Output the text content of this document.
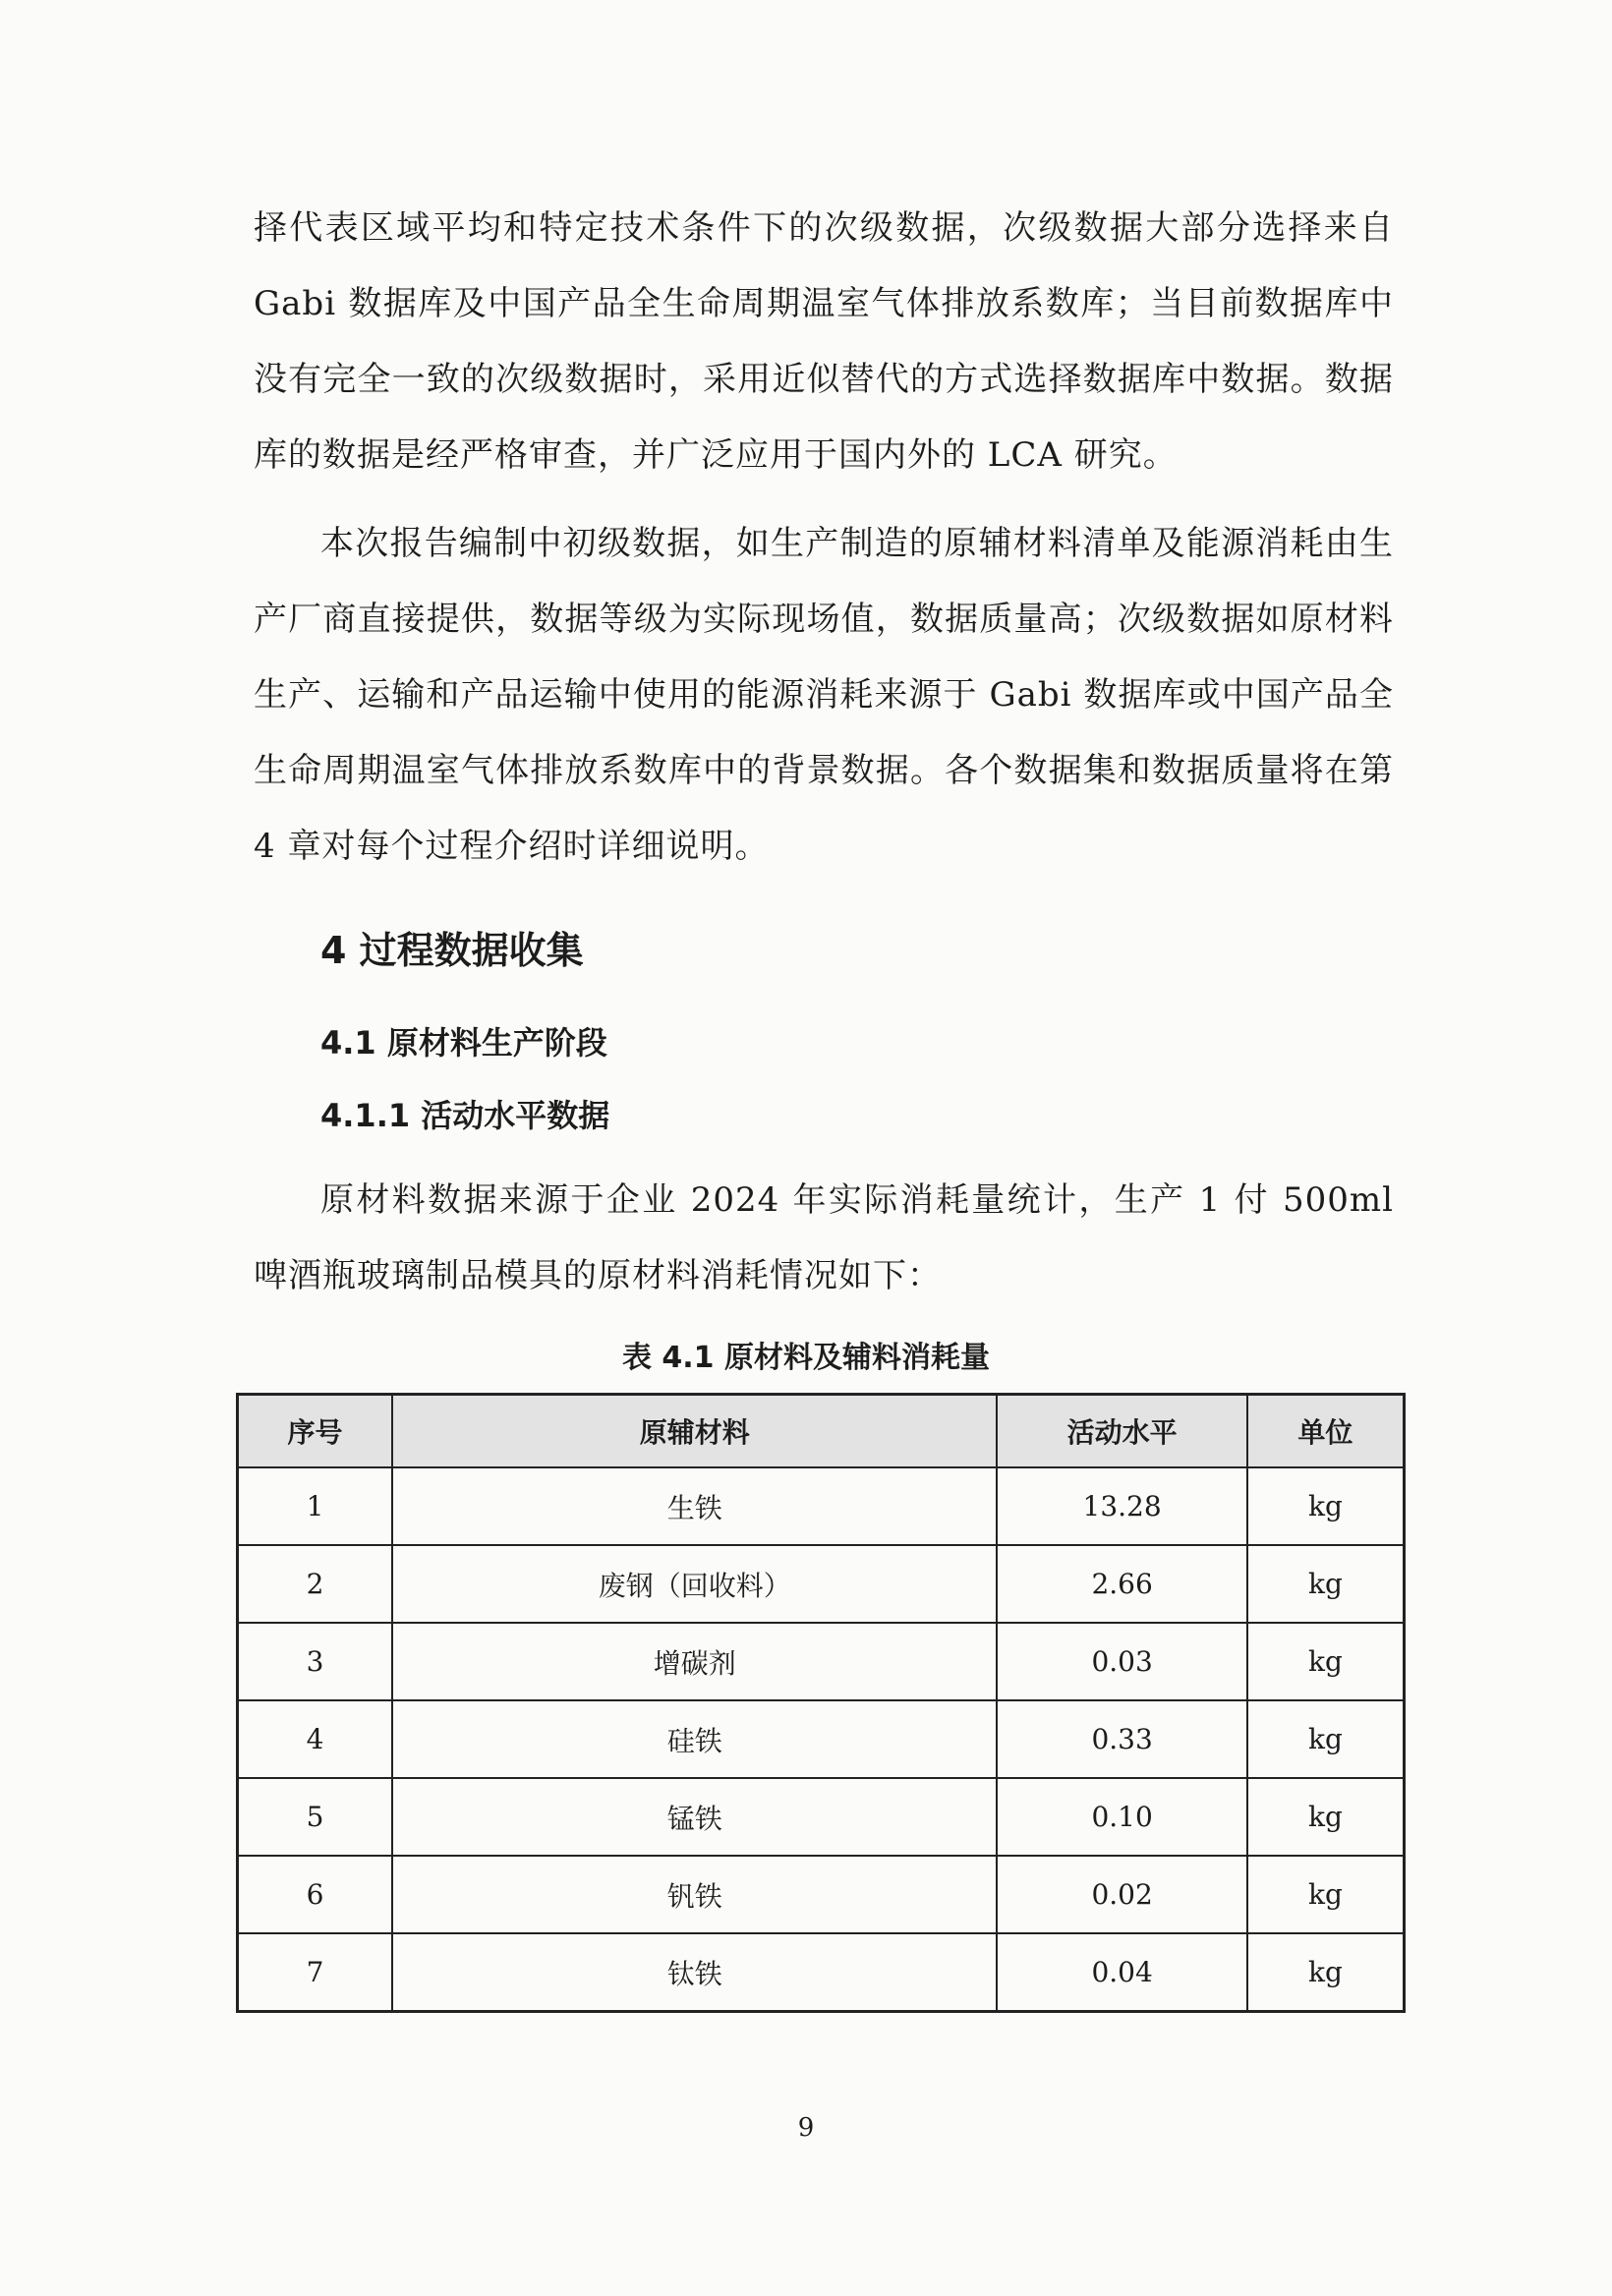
择代表区域平均和特定技术条件下的次级数据，次级数据大部分选择来自 Gabi 数据库及中国产品全生命周期温室气体排放系数库；当目前数据库中没有完全一致的次级数据时，采用近似替代的方式选择数据库中数据。数据库的数据是经严格审查，并广泛应用于国内外的 LCA 研究。

本次报告编制中初级数据，如生产制造的原辅材料清单及能源消耗由生产厂商直接提供，数据等级为实际现场值，数据质量高；次级数据如原材料生产、运输和产品运输中使用的能源消耗来源于 Gabi 数据库或中国产品全生命周期温室气体排放系数库中的背景数据。各个数据集和数据质量将在第 4 章对每个过程介绍时详细说明。

4 过程数据收集
4.1 原材料生产阶段
4.1.1 活动水平数据

原材料数据来源于企业 2024 年实际消耗量统计，生产 1 付 500ml 啤酒瓶玻璃制品模具的原材料消耗情况如下：

表 4.1 原材料及辅料消耗量

序号	原辅材料	活动水平	单位
1	生铁	13.28	kg
2	废钢（回收料）	2.66	kg
3	增碳剂	0.03	kg
4	硅铁	0.33	kg
5	锰铁	0.10	kg
6	钒铁	0.02	kg
7	钛铁	0.04	kg

9
